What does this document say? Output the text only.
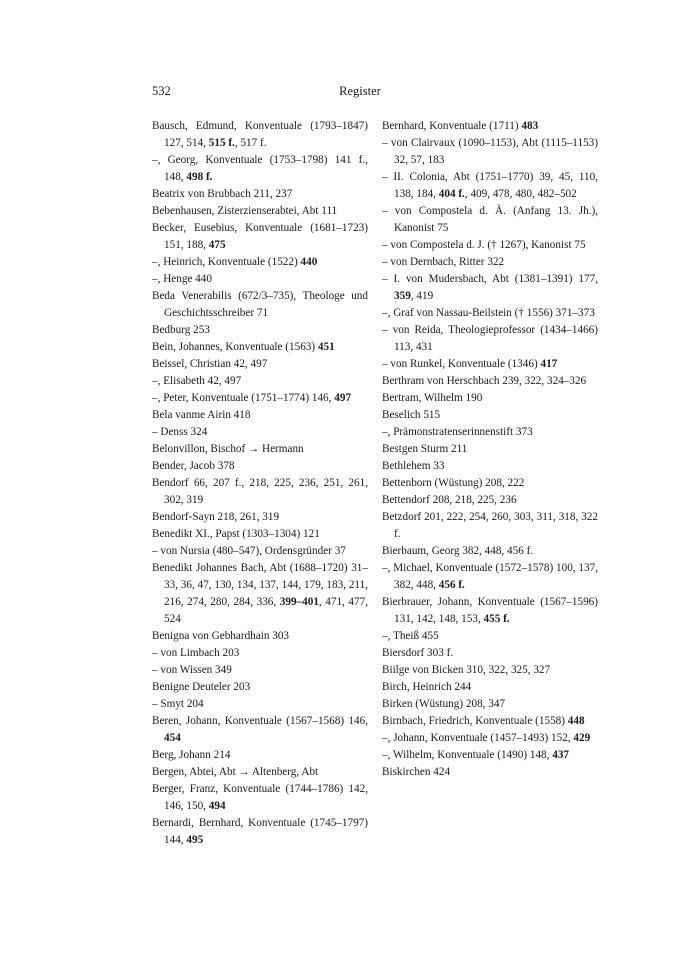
532	Register
Bausch, Edmund, Konventuale (1793–1847) 127, 514, 515 f., 517 f.
–, Georg, Konventuale (1753–1798) 141 f., 148, 498 f.
Beatrix von Brubbach 211, 237
Bebenhausen, Zisterzienserabtei, Abt 111
Becker, Eusebius, Konventuale (1681–1723) 151, 188, 475
–, Heinrich, Konventuale (1522) 440
–, Henge 440
Beda Venerabilis (672/3–735), Theologe und Geschichtsschreiber 71
Bedburg 253
Bein, Johannes, Konventuale (1563) 451
Beissel, Christian 42, 497
–, Elisabeth 42, 497
–, Peter, Konventuale (1751–1774) 146, 497
Bela vanme Airin 418
– Denss 324
Belonvillon, Bischof → Hermann
Bender, Jacob 378
Bendorf 66, 207 f., 218, 225, 236, 251, 261, 302, 319
Bendorf-Sayn 218, 261, 319
Benedikt XI., Papst (1303–1304) 121
– von Nursia (480–547), Ordensgründer 37
Benedikt Johannes Bach, Abt (1688–1720) 31–33, 36, 47, 130, 134, 137, 144, 179, 183, 211, 216, 274, 280, 284, 336, 399–401, 471, 477, 524
Benigna von Gebhardhain 303
– von Limbach 203
– von Wissen 349
Benigne Deuteler 203
– Smyt 204
Beren, Johann, Konventuale (1567–1568) 146, 454
Berg, Johann 214
Bergen, Abtei, Abt → Altenberg, Abt
Berger, Franz, Konventuale (1744–1786) 142, 146, 150, 494
Bernardi, Bernhard, Konventuale (1745–1797) 144, 495
Bernhard, Konventuale (1711) 483
– von Clairvaux (1090–1153), Abt (1115–1153) 32, 57, 183
– II. Colonia, Abt (1751–1770) 39, 45, 110, 138, 184, 404 f., 409, 478, 480, 482–502
– von Compostela d. Ä. (Anfang 13. Jh.), Kanonist 75
– von Compostela d. J. († 1267), Kanonist 75
– von Dernbach, Ritter 322
– I. von Mudersbach, Abt (1381–1391) 177, 359, 419
–, Graf von Nassau-Beilstein († 1556) 371–373
– von Reida, Theologieprofessor (1434–1466) 113, 431
– von Runkel, Konventuale (1346) 417
Berthram von Herschbach 239, 322, 324–326
Bertram, Wilhelm 190
Beselich 515
–, Prämonstratenserinnenstift 373
Bestgen Sturm 211
Bethlehem 33
Bettenborn (Wüstung) 208, 222
Bettendorf 208, 218, 225, 236
Betzdorf 201, 222, 254, 260, 303, 311, 318, 322 f.
Bierbaum, Georg 382, 448, 456 f.
–, Michael, Konventuale (1572–1578) 100, 137, 382, 448, 456 f.
Bierbrauer, Johann, Konventuale (1567–1596) 131, 142, 148, 153, 455 f.
–, Theiß 455
Biersdorf 303 f.
Biilge von Bicken 310, 322, 325, 327
Birch, Heinrich 244
Birken (Wüstung) 208, 347
Birnbach, Friedrich, Konventuale (1558) 448
–, Johann, Konventuale (1457–1493) 152, 429
–, Wilhelm, Konventuale (1490) 148, 437
Biskirchen 424
